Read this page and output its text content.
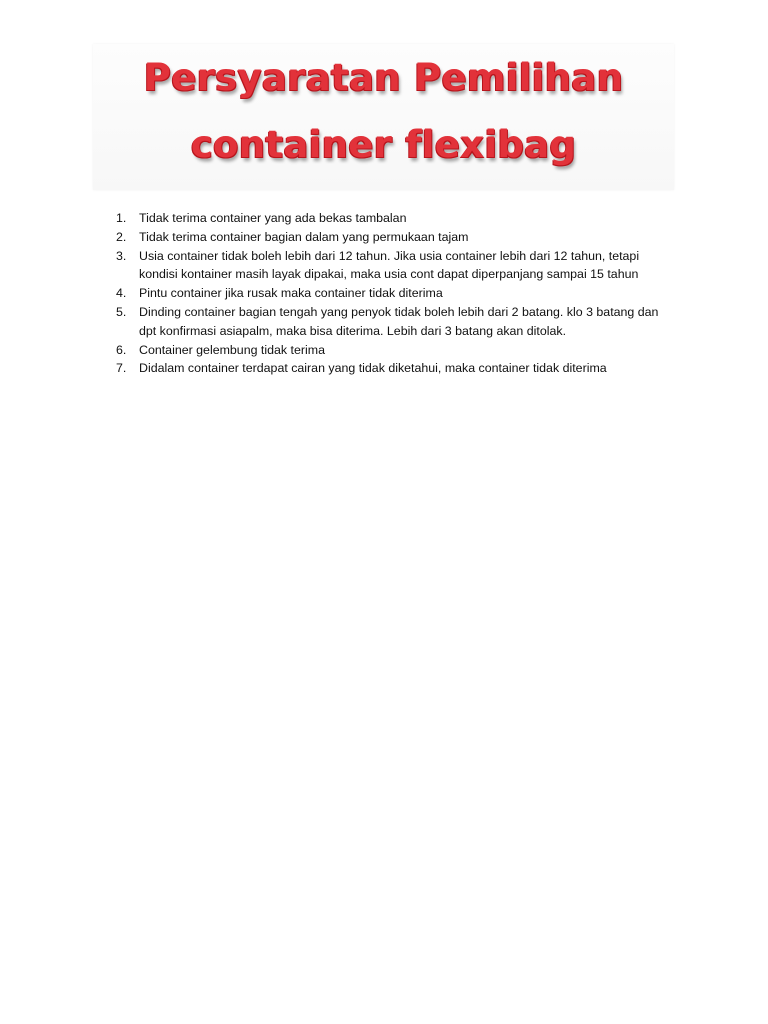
Persyaratan Pemilihan
container flexibag
1. Tidak terima container yang ada bekas tambalan
2. Tidak terima container bagian dalam yang permukaan tajam
3. Usia container tidak boleh lebih dari 12 tahun. Jika usia container lebih dari 12 tahun, tetapi kondisi kontainer masih layak dipakai, maka usia cont dapat diperpanjang sampai 15 tahun
4. Pintu container jika rusak maka container tidak diterima
5. Dinding container bagian tengah yang penyok tidak boleh lebih dari 2 batang. klo 3 batang dan dpt konfirmasi asiapalm, maka bisa diterima. Lebih dari 3 batang akan ditolak.
6. Container gelembung tidak terima
7. Didalam container terdapat cairan yang tidak diketahui, maka container tidak diterima
